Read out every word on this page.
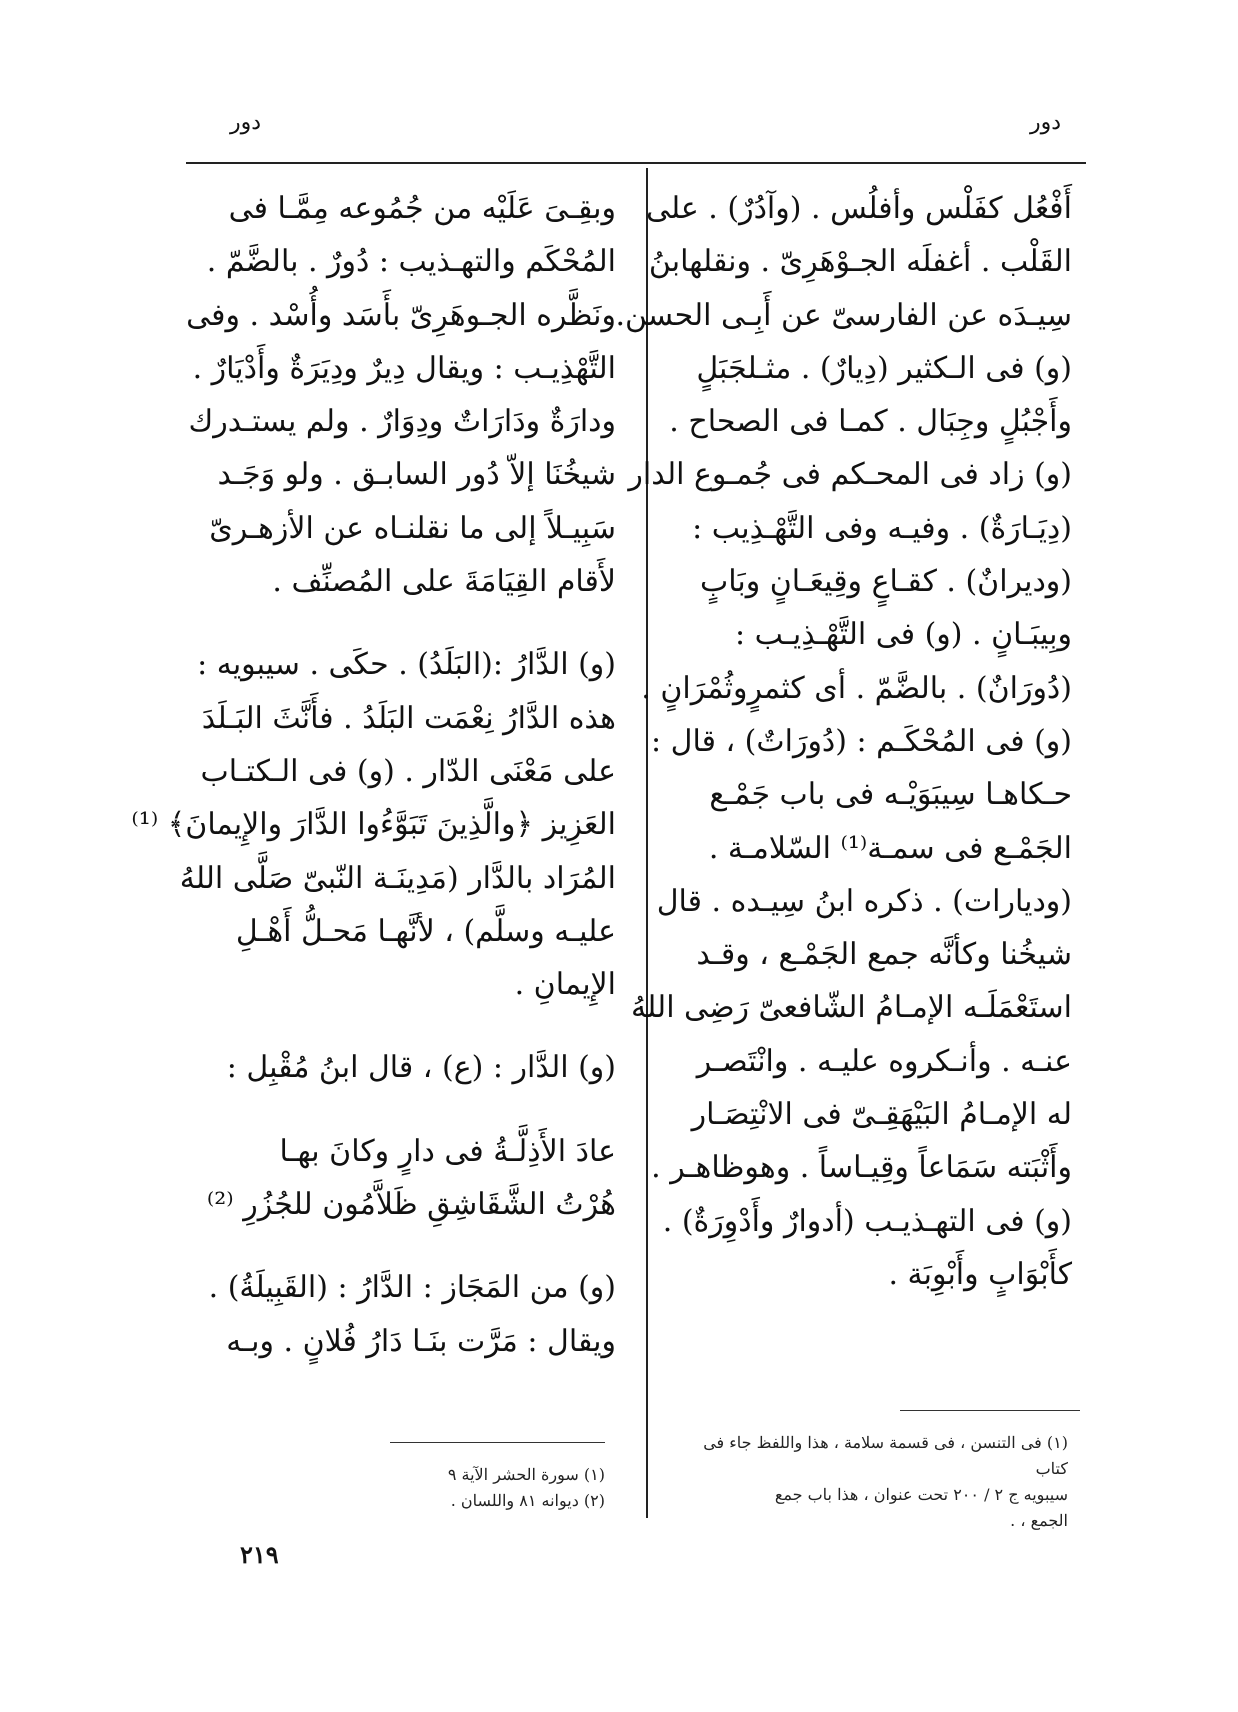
دور
دور
أَفْعُل كفَلْس وأفلُس . (وآدُرٌ) . على
القَلْب . أغفلَه الجـوْهَرِىّ . ونقلهابنُ
سِيـدَه عن الفارسىّ عن أَبِـى الحسن.
(و) فى الـكثير (دِيارٌ) . مثـلجَبَلٍ
وأَجْبُلٍ وجِبَال . كمـا فى الصحاح .
(و) زاد فى المحـكم فى جُمـوع الدار
(دِيَـارَةٌ) . وفيـه وفى التَّهْـذِيب :
(وديرانٌ) . كقـاعٍ وقِيعَـانٍ وبَابٍ
وبِيبَـانٍ . (و) فى التَّهْـذِيـب :
(دُورَانٌ) . بالضَّمّ . أى كثمرٍوثُمْرَانٍ .
(و) فى المُحْكَـم : (دُورَاتٌ) ، قال :
حـكاهـا سِيبَوَيْـه فى باب جَمْـع
الجَمْـع فى سمـة⁽¹⁾ السّلامـة .
(وديارات) . ذكره ابنُ سِيـده . قال
شيخُنا وكأنَّه جمع الجَمْـع ، وقـد
استَعْمَلَـه الإمـامُ الشّافعىّ رَضِى اللهُ
عنـه . وأنـكروه عليـه . وانْتَصـر
له الإمـامُ البَيْهَقِـىّ فى الانْتِصَـار
وأَثْبَته سَمَاعاً وقِيـاساً . وهوظاهـر .
(و) فى التهـذيـب (أدوارٌ وأَدْوِرَةٌ) .
كأَبْوَابٍ وأَبْوِبَة .
وبقِـىَ عَلَيْه من جُمُوعه مِمَّـا فى
المُحْكَم والتهـذيب : دُورٌ . بالضَّمّ .
ونَظَّره الجـوهَرِىّ بأَسَد وأُسْد . وفى
التَّهْذِيـب : ويقال دِيرٌ ودِيَرَةٌ وأَدْيَارٌ .
ودارَةٌ ودَارَاتٌ ودِوَارٌ . ولم يستـدرك
شيخُنَا إلاّ دُور السابـق . ولو وَجَـد
سَبِيـلاً إلى ما نقلنـاه عن الأزهـرىّ
لأَقام القِيَامَةَ على المُصنِّف .
(و) الدَّارُ :(البَلَدُ) . حكَى . سيبويه :
هذه الدَّارُ نِعْمَت البَلَدُ . فأَنَّثَ البَـلَدَ
على مَعْنَى الدّار . (و) فى الـكتـاب
العَزِيز ﴿والَّذِينَ تَبَوَّءُوا الدَّارَ والإِيمانَ﴾ ⁽¹⁾
المُرَاد بالدَّار (مَدِينَـة النّبىّ صَلَّى اللهُ
عليـه وسلَّم) ، لأنَّهـا مَحـلُّ أَهْـلِ
الإِيمانِ .
(و) الدَّار : (ع) ، قال ابنُ مُقْبِل :
عادَ الأَذِلَّـةُ فى دارٍ وكانَ بهـا
هُرْتُ الشَّقَاشِقِ ظَلاَّمُون للجُزُرِ ⁽²⁾
(و) من المَجَاز : الدَّارُ : (القَبِيلَةُ) .
ويقال : مَرَّت بنَـا دَارُ فُلانٍ . وبـه
(١) فى التنسن ، فى قسمة سلامة ، هذا واللفظ جاء فى كتاب
سيبويه ج ٢ / ٢٠٠ تحت عنوان ، هذا باب جمع
الجمع ، .
(١) سورة الحشر الآية ٩
(٢) ديوانه ٨١ واللسان .
٢١٩
